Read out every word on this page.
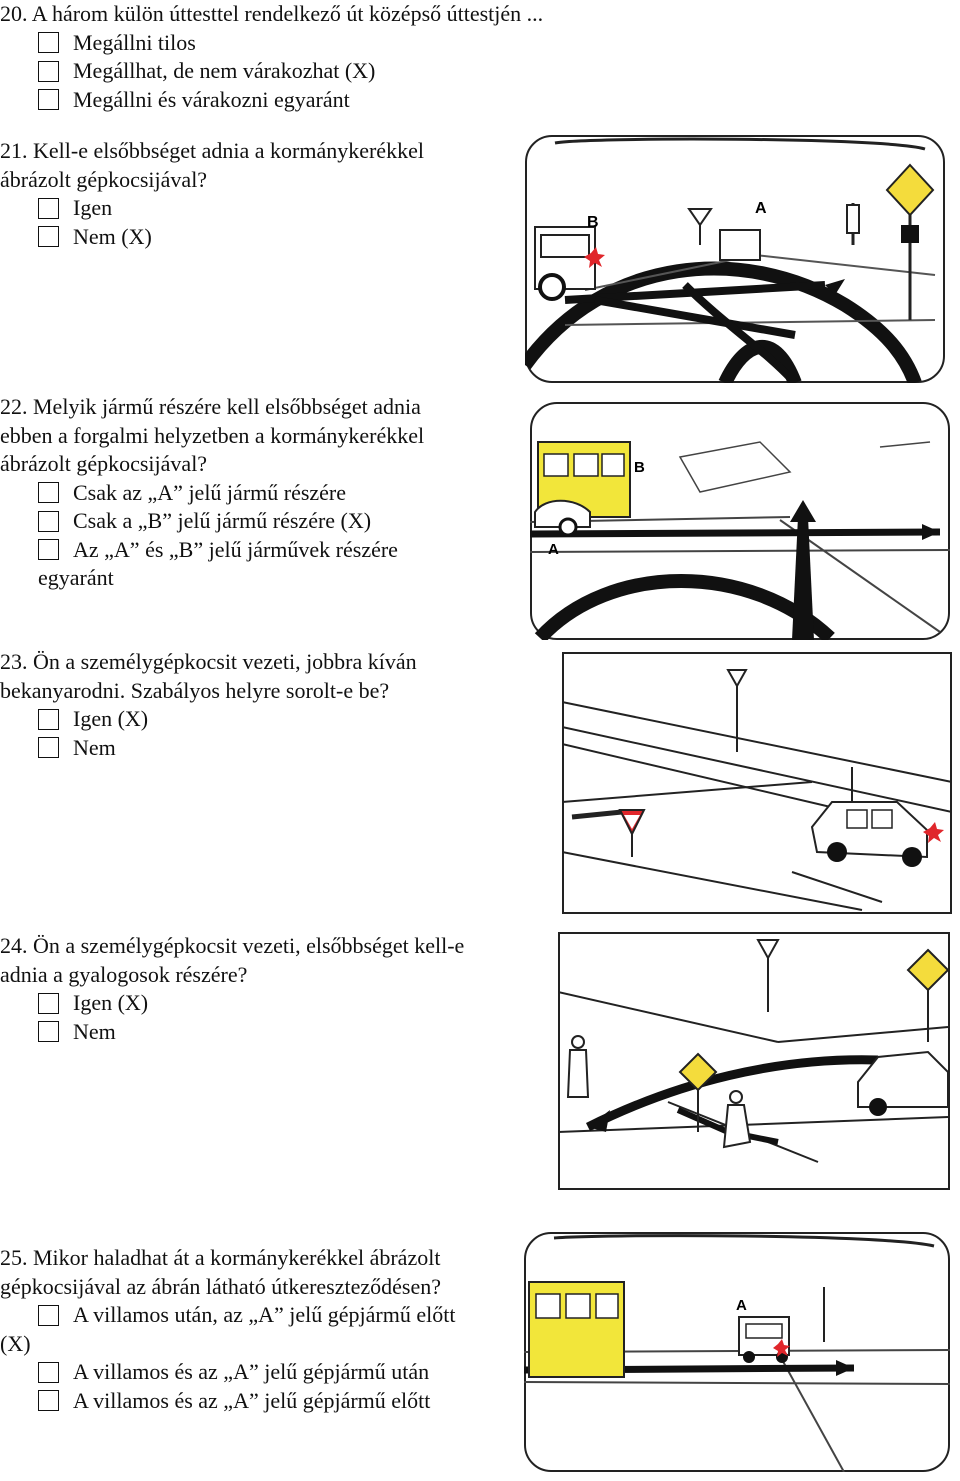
20. A három külön úttesttel rendelkező út középső úttestjén ...
Megállni tilos
Megállhat, de nem várakozhat (X)
Megállni és várakozni egyaránt
21. Kell-e elsőbbséget adnia a kormánykerékkel
ábrázolt gépkocsijával?
Igen
Nem (X)
B
A
22. Melyik jármű részére kell elsőbbséget adnia
ebben a forgalmi helyzetben a kormánykerékkel
ábrázolt gépkocsijával?
Csak az „A” jelű jármű részére
Csak a „B” jelű jármű részére (X)
Az „A” és „B” jelű járművek részére
egyaránt
B
A
23. Ön a személygépkocsit vezeti, jobbra kíván
bekanyarodni. Szabályos helyre sorolt-e be?
Igen (X)
Nem
24. Ön a személygépkocsit vezeti, elsőbbséget kell-e
adnia a gyalogosok részére?
Igen (X)
Nem
25. Mikor haladhat át a kormánykerékkel ábrázolt
gépkocsijával az ábrán látható útkereszteződésen?
A villamos után, az „A” jelű gépjármű előtt
(X)
A villamos és az „A” jelű gépjármű után
A villamos és az „A” jelű gépjármű előtt
A
